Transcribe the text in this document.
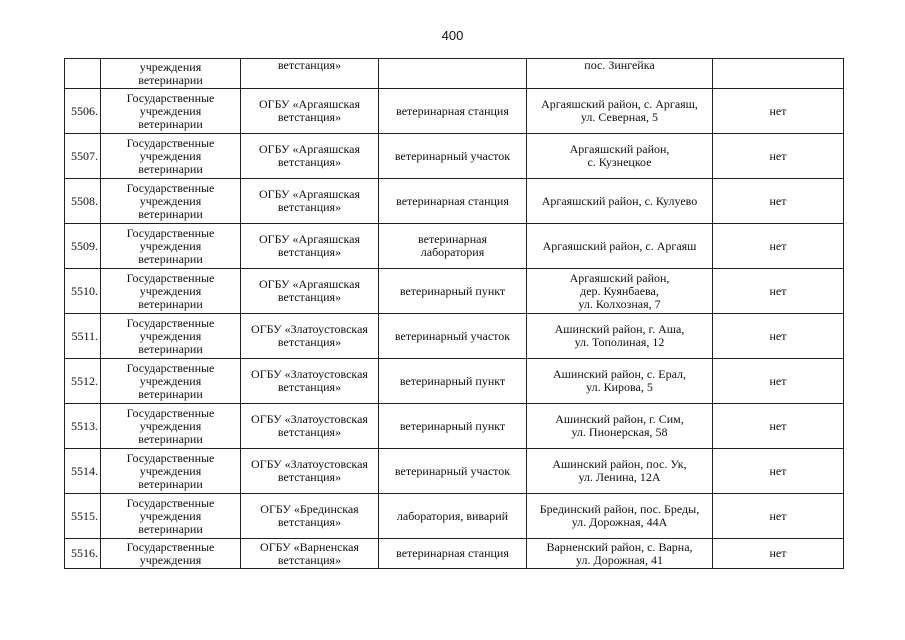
400
	учреждения
ветеринарии	ветстанция»		пос. Зингейка	
5506.	Государственные
учреждения
ветеринарии	ОГБУ «Аргаяшская
ветстанция»	ветеринарная станция	Аргаяшский район, с. Аргаяш,
ул. Северная, 5	нет
5507.	Государственные
учреждения
ветеринарии	ОГБУ «Аргаяшская
ветстанция»	ветеринарный участок	Аргаяшский район,
с. Кузнецкое	нет
5508.	Государственные
учреждения
ветеринарии	ОГБУ «Аргаяшская
ветстанция»	ветеринарная станция	Аргаяшский район, с. Кулуево	нет
5509.	Государственные
учреждения
ветеринарии	ОГБУ «Аргаяшская
ветстанция»	ветеринарная
лаборатория	Аргаяшский район, с. Аргаяш	нет
5510.	Государственные
учреждения
ветеринарии	ОГБУ «Аргаяшская
ветстанция»	ветеринарный пункт	Аргаяшский район,
дер. Куянбаева,
ул. Колхозная, 7	нет
5511.	Государственные
учреждения
ветеринарии	ОГБУ «Златоустовская
ветстанция»	ветеринарный участок	Ашинский район, г. Аша,
ул. Тополиная, 12	нет
5512.	Государственные
учреждения
ветеринарии	ОГБУ «Златоустовская
ветстанция»	ветеринарный пункт	Ашинский район, с. Ерал,
ул. Кирова, 5	нет
5513.	Государственные
учреждения
ветеринарии	ОГБУ «Златоустовская
ветстанция»	ветеринарный пункт	Ашинский район, г. Сим,
ул. Пионерская, 58	нет
5514.	Государственные
учреждения
ветеринарии	ОГБУ «Златоустовская
ветстанция»	ветеринарный участок	Ашинский район, пос. Ук,
ул. Ленина, 12А	нет
5515.	Государственные
учреждения
ветеринарии	ОГБУ «Брединская
ветстанция»	лаборатория, виварий	Брединский район, пос. Бреды,
ул. Дорожная, 44А	нет
5516.	Государственные
учреждения	ОГБУ «Варненская
ветстанция»	ветеринарная станция	Варненский район, с. Варна,
ул. Дорожная, 41	нет
